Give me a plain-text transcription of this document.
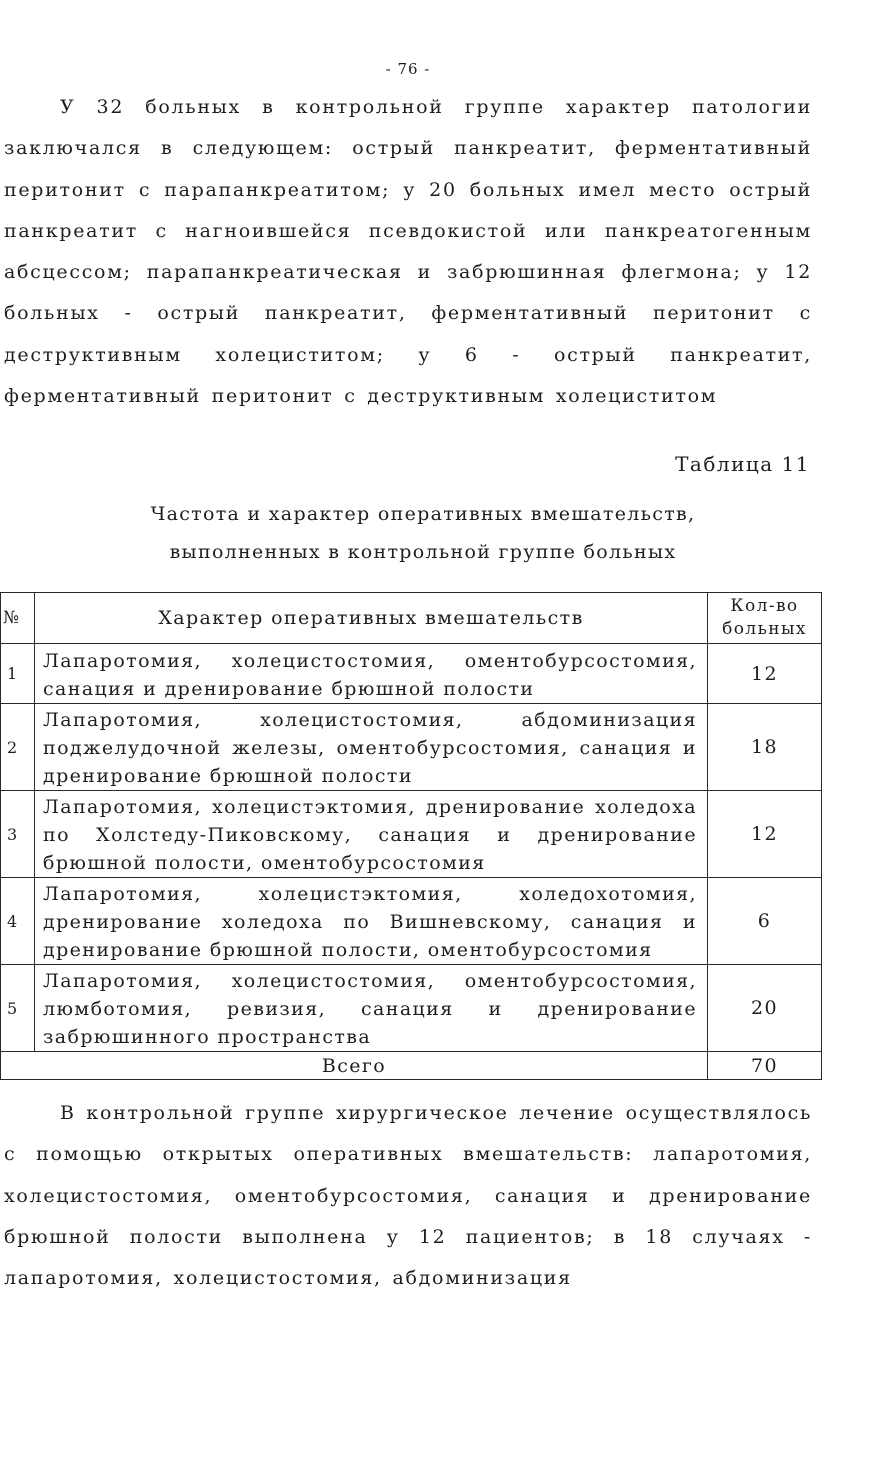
- 76 -

У 32 больных в контрольной группе характер патологии заключался в следующем: острый панкреатит, ферментативный перитонит с парапанкреатитом; у 20 больных имел место острый панкреатит с нагноившейся псевдокистой или панкреатогенным абсцессом; парапанкреатическая и забрюшинная флегмона; у 12 больных - острый панкреатит, ферментативный перитонит с деструктивным холециститом; у 6 - острый панкреатит, ферментативный перитонит с деструктивным холециститом

Таблица 11
Частота и характер оперативных вмешательств,
выполненных в контрольной группе больных
№	Характер оперативных вмешательств	Кол-во больных
1	Лапаротомия, холецистостомия, оментобурсостомия, санация и дренирование брюшной полости	12
2	Лапаротомия, холецистостомия, абдоминизация поджелудочной железы, оментобурсостомия, санация и дренирование брюшной полости	18
3	Лапаротомия, холецистэктомия, дренирование холедоха по Холстеду-Пиковскому, санация и дренирование брюшной полости, оментобурсостомия	12
4	Лапаротомия, холецистэктомия, холедохотомия, дренирование холедоха по Вишневскому, санация и дренирование брюшной полости, оментобурсостомия	6
5	Лапаротомия, холецистостомия, оментобурсостомия, люмботомия, ревизия, санация и дренирование забрюшинного пространства	20
Всего		70

В контрольной группе хирургическое лечение осуществлялось с помощью открытых оперативных вмешательств: лапаротомия, холецистостомия, оментобурсостомия, санация и дренирование брюшной полости выполнена у 12 пациентов; в 18 случаях - лапаротомия, холецистостомия, абдоминизация
